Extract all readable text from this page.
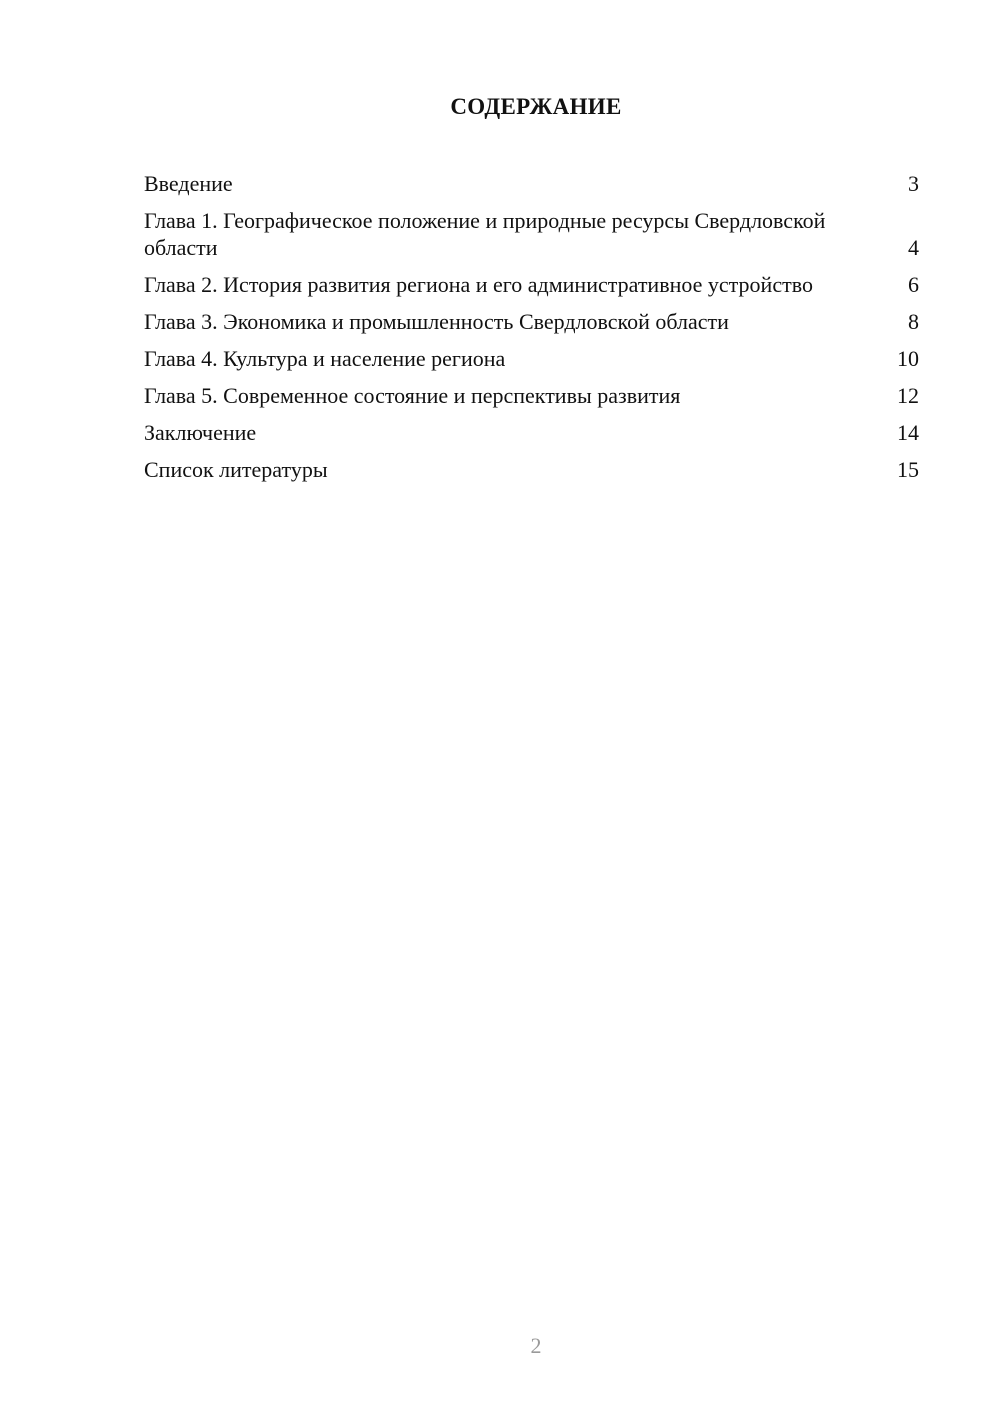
СОДЕРЖАНИЕ
Введение	3
Глава 1. Географическое положение и природные ресурсы Свердловской области	4
Глава 2. История развития региона и его административное устройство	6
Глава 3. Экономика и промышленность Свердловской области	8
Глава 4. Культура и население региона	10
Глава 5. Современное состояние и перспективы развития	12
Заключение	14
Список литературы	15
2
